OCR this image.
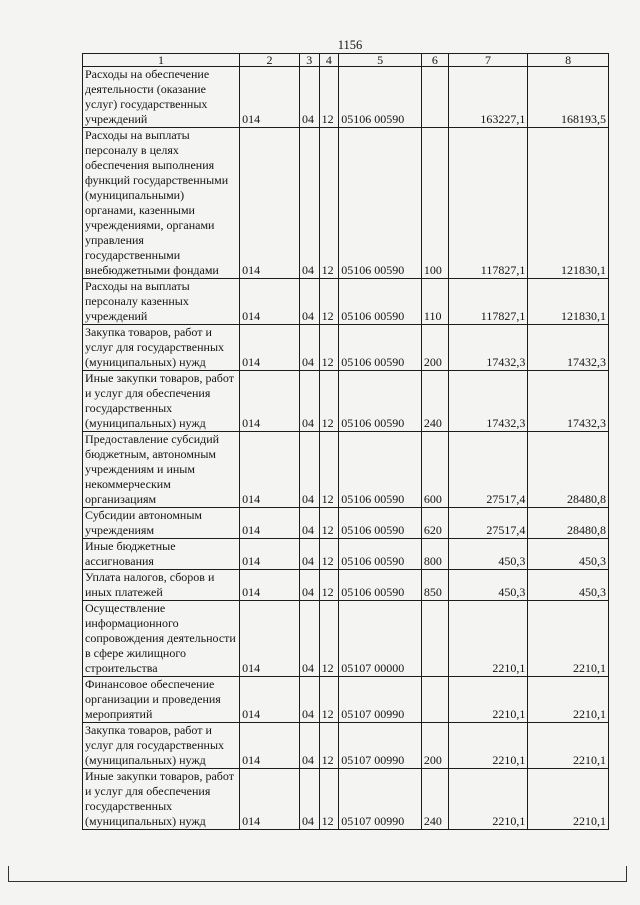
1156
1	2	3	4	5	6	7	8
Расходы на обеспечение деятельности (оказание услуг) государственных учреждений	014	04	12	05106 00590		163227,1	168193,5
Расходы на выплаты персоналу в целях обеспечения выполнения функций государственными (муниципальными) органами, казенными учреждениями, органами управления государственными внебюджетными фондами	014	04	12	05106 00590	100	117827,1	121830,1
Расходы на выплаты персоналу казенных учреждений	014	04	12	05106 00590	110	117827,1	121830,1
Закупка товаров, работ и услуг для государственных (муниципальных) нужд	014	04	12	05106 00590	200	17432,3	17432,3
Иные закупки товаров, работ и услуг для обеспечения государственных (муниципальных) нужд	014	04	12	05106 00590	240	17432,3	17432,3
Предоставление субсидий бюджетным, автономным учреждениям и иным некоммерческим организациям	014	04	12	05106 00590	600	27517,4	28480,8
Субсидии автономным учреждениям	014	04	12	05106 00590	620	27517,4	28480,8
Иные бюджетные ассигнования	014	04	12	05106 00590	800	450,3	450,3
Уплата налогов, сборов и иных платежей	014	04	12	05106 00590	850	450,3	450,3
Осуществление информационного сопровождения деятельности в сфере жилищного строительства	014	04	12	05107 00000		2210,1	2210,1
Финансовое обеспечение организации и проведения мероприятий	014	04	12	05107 00990		2210,1	2210,1
Закупка товаров, работ и услуг для государственных (муниципальных) нужд	014	04	12	05107 00990	200	2210,1	2210,1
Иные закупки товаров, работ и услуг для обеспечения государственных (муниципальных) нужд	014	04	12	05107 00990	240	2210,1	2210,1
